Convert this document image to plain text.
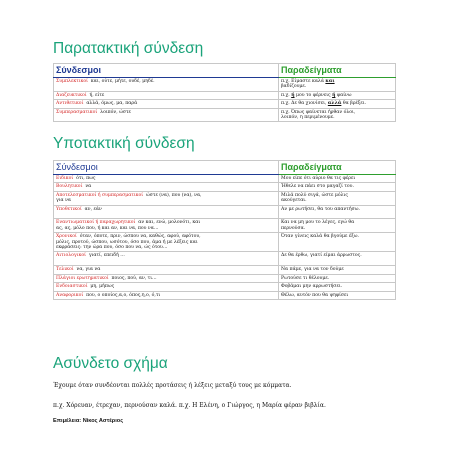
Παρατακτική σύνδεση
Σύνδεσμοι	Παραδείγματα
Συμπλεκτικοί και, ούτε, μήτε, ουδέ, μηδέ.	π.χ. Είμαστε καλά και
βαδίζουμε.
Διαζευκτικοί ή, είτε	π.χ. ή μου το φέρνεις ή φαίνω
Αντιθετικοί αλλά, όμως, μα, παρά	π.χ. Δε θα χιονίσει, αλλά θα βρέξει.
Συμπερασματικοί λοιπόν, ώστε	π.χ. Όπως φαίνεται ήρθαν όλοι,
λοιπόν, η περιμένουμε.
Υποτακτική σύνδεση
Σύνδεσμοι	Παραδείγματα
Ειδικοί ότι, πως	Μου είπε ότι αύριο θα τις φέρει
Βουλητικοί να	Ήθελε να πάει στο μαγαζί του.
Αποτελεσματικοί ή συμπερασματικοί ώστε (να), που (να), να,
για να	Μιλά πολύ σιγά, ώστε μόλις
ακούγεται.
Υποθετικοί αν, εάν	Αν με ρωτήσει, θα του απαντήσω.
Εναντιωματικοί ή παραχωρητικοί αν και, ενώ, μολονότι, και
ας, ας, μόλο που, ή και αν, και να, που να…	Και να μη μου το λέγες, εγώ θα
περνούσα.
Χρονικοί όταν, όποτε, πριν, ώσπου να, καθώς, αφού, αφότου,
μόλις, προτού, ώσπου, ωσότου, όσο που, άμα ή με λέξεις και
εκφράσεις: την ώρα που, όσο που να, ώς ότου…	Όταν γίνεις καλά θα βγούμε έξω.
Αιτιολογικοί γιατί, επειδή …	Δε θα έρθω, γιατί είμαι άρρωστος.
Τελικοί να, για να	Να πάμε, για να τον δούμε
Πλάγιοι ερωτηματικοί ποιος, πού, αν, τι…	Ρωτούσε τι θέλουμε.
Ενδοιαστικοί μη, μήπως	Φοβάμαι μην αρρωστήσει.
Αναφορικοί που, ο οποίος,α,ο, όπος,η,ο, ό,τι	Θέλω, αυτόν που θα ψηφίσει
Ασύνδετο σχήμα

Έχουμε όταν συνδέονται πολλές προτάσεις ή λέξεις μεταξύ τους με κόμματα.

π.χ. Χόρευαν, έτρεχαν, περνούσαν καλά. π.χ. Η Ελένη, ο Γιώργος, η Μαρία φέραν βιβλία.

Επιμέλεια: Νίκος Αστέριος
